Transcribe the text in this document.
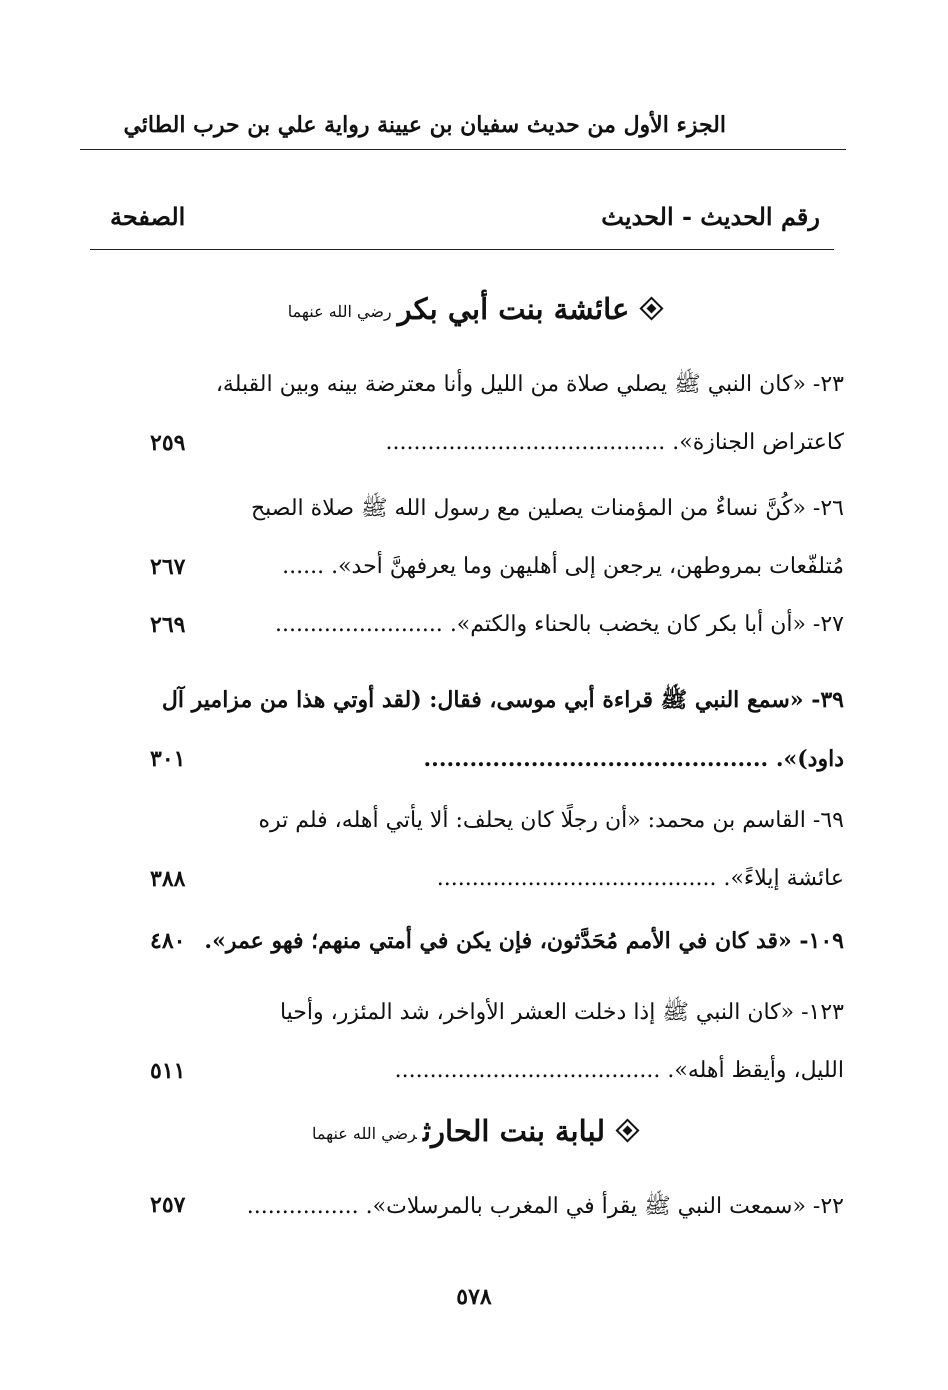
الجزء الأول من حديث سفيان بن عيينة رواية علي بن حرب الطائي
رقم الحديث - الحديث
الصفحة
عائشة بنت أبي بكررضي الله عنهما
٢٣- «كان النبي ﷺ يصلي صلاة من الليل وأنا معترضة بينه وبين القبلة،
كاعتراض الجنازة». ........................................
٢٥٩
٢٦- «كُنَّ نساءٌ من المؤمنات يصلين مع رسول الله ﷺ صلاة الصبح
مُتلفّعات بمروطهن، يرجعن إلى أهليهن وما يعرفهنَّ أحد». ......
٢٦٧
٢٧- «أن أبا بكر كان يخضب بالحناء والكتم». ........................
٢٦٩
٣٩- «سمع النبي ﷺ قراءة أبي موسى، فقال: (لقد أوتي هذا من مزامير آل
داود)». .............................................
٣٠١
٦٩- القاسم بن محمد: «أن رجلًا كان يحلف: ألا يأتي أهله، فلم تره
عائشة إيلاءً». ........................................
٣٨٨
١٠٩- «قد كان في الأمم مُحَدَّثون، فإن يكن في أمتي منهم؛ فهو عمر».
٤٨٠
١٢٣- «كان النبي ﷺ إذا دخلت العشر الأواخر، شد المئزر، وأحيا
الليل، وأيقظ أهله». ......................................
٥١١
لبابة بنت الحارثرضي الله عنهما
٢٢- «سمعت النبي ﷺ يقرأ في المغرب بالمرسلات». ................
٢٥٧
٥٧٨
